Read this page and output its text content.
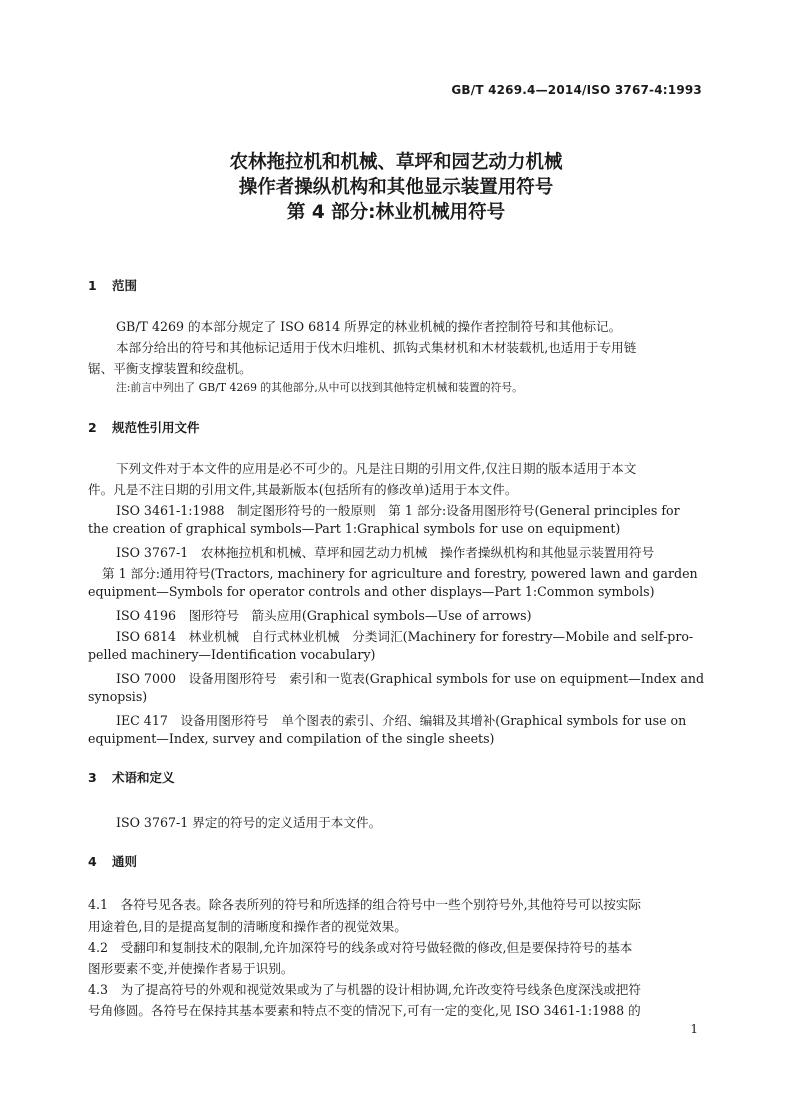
GB/T 4269.4—2014/ISO 3767-4:1993
农林拖拉机和机械、草坪和园艺动力机械
操作者操纵机构和其他显示装置用符号
第 4 部分:林业机械用符号
1 范围
GB/T 4269 的本部分规定了 ISO 6814 所界定的林业机械的操作者控制符号和其他标记。
本部分给出的符号和其他标记适用于伐木归堆机、抓钩式集材机和木材装载机,也适用于专用链
锯、平衡支撑装置和绞盘机。
注:前言中列出了 GB/T 4269 的其他部分,从中可以找到其他特定机械和装置的符号。
2 规范性引用文件
下列文件对于本文件的应用是必不可少的。凡是注日期的引用文件,仅注日期的版本适用于本文
件。凡是不注日期的引用文件,其最新版本(包括所有的修改单)适用于本文件。
ISO 3461-1:1988　制定图形符号的一般原则　第 1 部分:设备用图形符号(General principles for
the creation of graphical symbols—Part 1:Graphical symbols for use on equipment)
ISO 3767-1　农林拖拉机和机械、草坪和园艺动力机械　操作者操纵机构和其他显示装置用符号
第 1 部分:通用符号(Tractors, machinery for agriculture and forestry, powered lawn and garden
equipment—Symbols for operator controls and other displays—Part 1:Common symbols)
ISO 4196　图形符号　箭头应用(Graphical symbols—Use of arrows)
ISO 6814　林业机械　自行式林业机械　分类词汇(Machinery for forestry—Mobile and self-pro-
pelled machinery—Identification vocabulary)
ISO 7000　设备用图形符号　索引和一览表(Graphical symbols for use on equipment—Index and
synopsis)
IEC 417　设备用图形符号　单个图表的索引、介绍、编辑及其增补(Graphical symbols for use on
equipment—Index, survey and compilation of the single sheets)
3 术语和定义
ISO 3767-1 界定的符号的定义适用于本文件。
4 通则
4.1　各符号见各表。除各表所列的符号和所选择的组合符号中一些个别符号外,其他符号可以按实际
用途着色,目的是提高复制的清晰度和操作者的视觉效果。
4.2　受翻印和复制技术的限制,允许加深符号的线条或对符号做轻微的修改,但是要保持符号的基本
图形要素不变,并使操作者易于识别。
4.3　为了提高符号的外观和视觉效果或为了与机器的设计相协调,允许改变符号线条色度深浅或把符
号角修圆。各符号在保持其基本要素和特点不变的情况下,可有一定的变化,见 ISO 3461-1:1988 的
1
